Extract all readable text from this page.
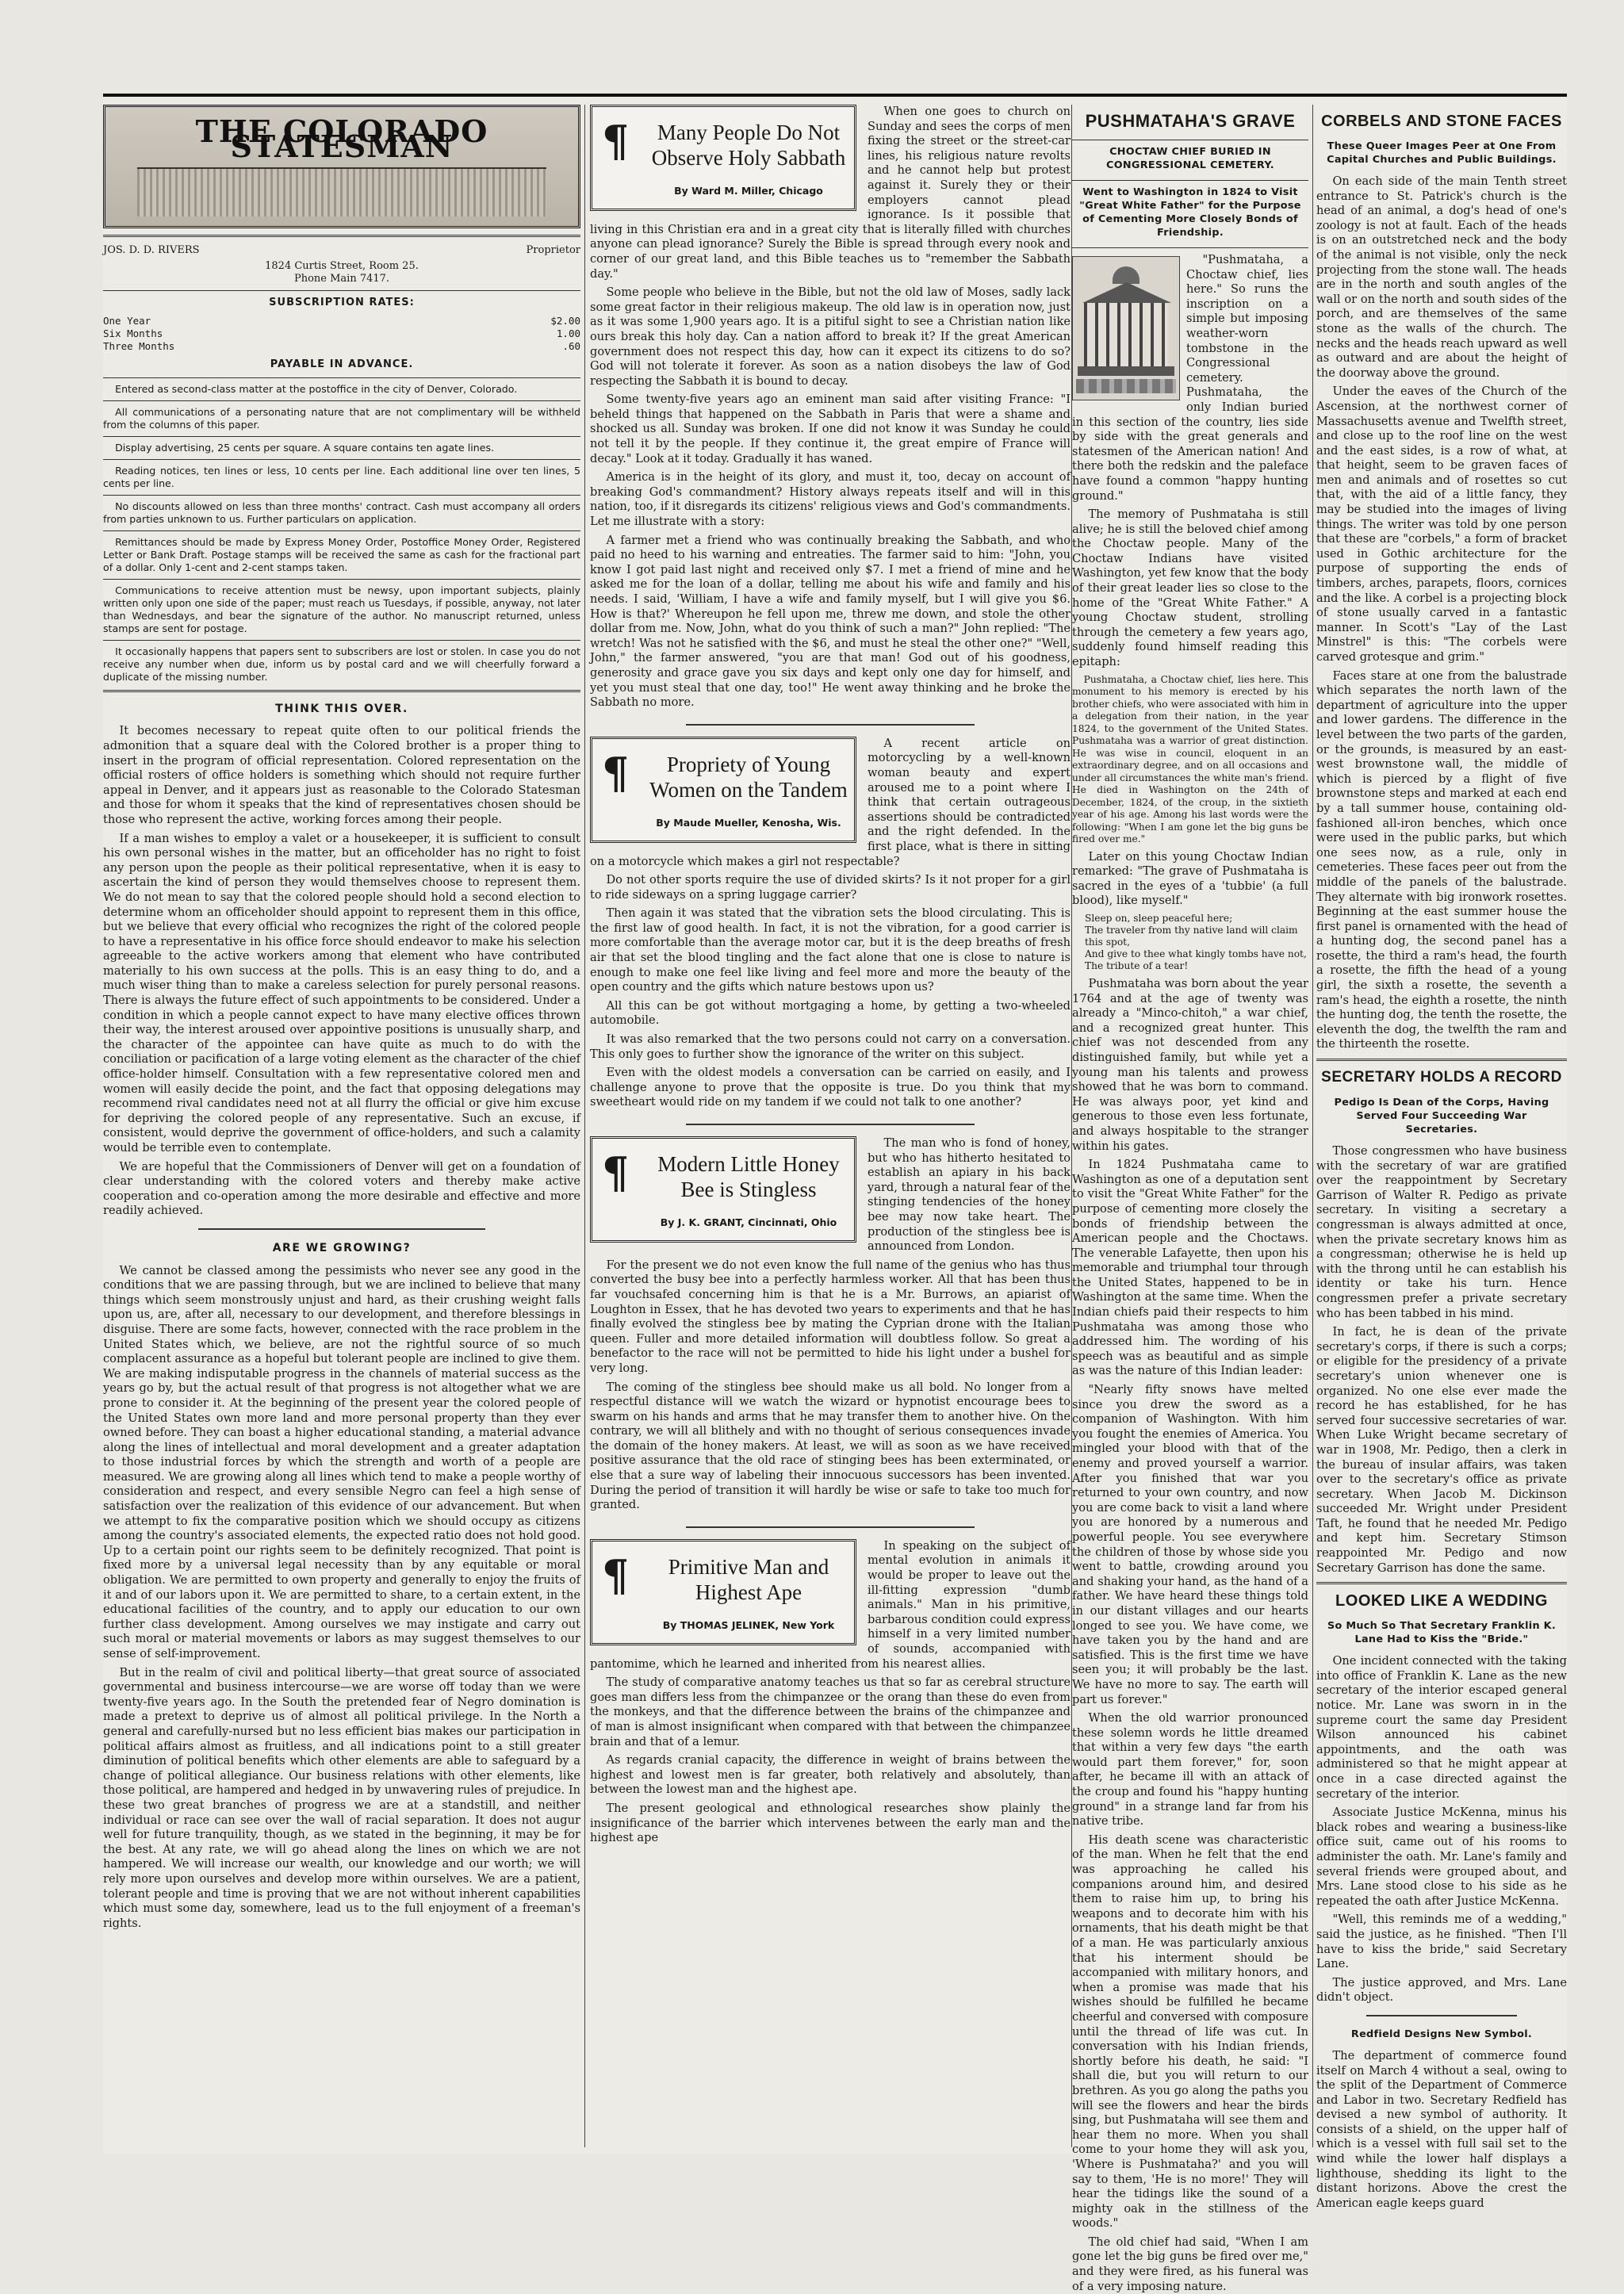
THE COLORADO STATESMAN
JOS. D. D. RIVERS	Proprietor
1824 Curtis Street, Room 25.
Phone Main 7417.
SUBSCRIPTION RATES:
One Year	$2.00
Six Months	1.00
Three Months	.60
PAYABLE IN ADVANCE.
Entered as second-class matter at the postoffice in the city of Denver, Colorado.
All communications of a personating nature that are not complimentary will be withheld from the columns of this paper.
Display advertising, 25 cents per square. A square contains ten agate lines.
Reading notices, ten lines or less, 10 cents per line. Each additional line over ten lines, 5 cents per line.
No discounts allowed on less than three months' contract. Cash must accompany all orders from parties unknown to us. Further particulars on application.
Remittances should be made by Express Money Order, Postoffice Money Order, Registered Letter or Bank Draft. Postage stamps will be received the same as cash for the fractional part of a dollar. Only 1-cent and 2-cent stamps taken.
Communications to receive attention must be newsy, upon important subjects, plainly written only upon one side of the paper; must reach us Tuesdays, if possible, anyway, not later than Wednesdays, and bear the signature of the author. No manuscript returned, unless stamps are sent for postage.
It occasionally happens that papers sent to subscribers are lost or stolen. In case you do not receive any number when due, inform us by postal card and we will cheerfully forward a duplicate of the missing number.
THINK THIS OVER.

It becomes necessary to repeat quite often to our political friends the admonition that a square deal with the Colored brother is a proper thing to insert in the program of official representation. Colored representation on the official rosters of office holders is something which should not require further appeal in Denver, and it appears just as reasonable to the Colorado Statesman and those for whom it speaks that the kind of representatives chosen should be those who represent the active, working forces among their people.

If a man wishes to employ a valet or a housekeeper, it is sufficient to consult his own personal wishes in the matter, but an officeholder has no right to foist any person upon the people as their political representative, when it is easy to ascertain the kind of person they would themselves choose to represent them. We do not mean to say that the colored people should hold a second election to determine whom an officeholder should appoint to represent them in this office, but we believe that every official who recognizes the right of the colored people to have a representative in his office force should endeavor to make his selection agreeable to the active workers among that element who have contributed materially to his own success at the polls. This is an easy thing to do, and a much wiser thing than to make a careless selection for purely personal reasons. There is always the future effect of such appointments to be considered. Under a condition in which a people cannot expect to have many elective offices thrown their way, the interest aroused over appointive positions is unusually sharp, and the character of the appointee can have quite as much to do with the conciliation or pacification of a large voting element as the character of the chief office-holder himself. Consultation with a few representative colored men and women will easily decide the point, and the fact that opposing delegations may recommend rival candidates need not at all flurry the official or give him excuse for depriving the colored people of any representative. Such an excuse, if consistent, would deprive the government of office-holders, and such a calamity would be terrible even to contemplate.

We are hopeful that the Commissioners of Denver will get on a foundation of clear understanding with the colored voters and thereby make active cooperation and co-operation among the more desirable and effective and more readily achieved.

ARE WE GROWING?

We cannot be classed among the pessimists who never see any good in the conditions that we are passing through, but we are inclined to believe that many things which seem monstrously unjust and hard, as their crushing weight falls upon us, are, after all, necessary to our development, and therefore blessings in disguise. There are some facts, however, connected with the race problem in the United States which, we believe, are not the rightful source of so much complacent assurance as a hopeful but tolerant people are inclined to give them. We are making indisputable progress in the channels of material success as the years go by, but the actual result of that progress is not altogether what we are prone to consider it. At the beginning of the present year the colored people of the United States own more land and more personal property than they ever owned before. They can boast a higher educational standing, a material advance along the lines of intellectual and moral development and a greater adaptation to those industrial forces by which the strength and worth of a people are measured. We are growing along all lines which tend to make a people worthy of consideration and respect, and every sensible Negro can feel a high sense of satisfaction over the realization of this evidence of our advancement. But when we attempt to fix the comparative position which we should occupy as citizens among the country's associated elements, the expected ratio does not hold good. Up to a certain point our rights seem to be definitely recognized. That point is fixed more by a universal legal necessity than by any equitable or moral obligation. We are permitted to own property and generally to enjoy the fruits of it and of our labors upon it. We are permitted to share, to a certain extent, in the educational facilities of the country, and to apply our education to our own further class development. Among ourselves we may instigate and carry out such moral or material movements or labors as may suggest themselves to our sense of self-improvement.

But in the realm of civil and political liberty—that great source of associated governmental and business intercourse—we are worse off today than we were twenty-five years ago. In the South the pretended fear of Negro domination is made a pretext to deprive us of almost all political privilege. In the North a general and carefully-nursed but no less efficient bias makes our participation in political affairs almost as fruitless, and all indications point to a still greater diminution of political benefits which other elements are able to safeguard by a change of political allegiance. Our business relations with other elements, like those political, are hampered and hedged in by unwavering rules of prejudice. In these two great branches of progress we are at a standstill, and neither individual or race can see over the wall of racial separation. It does not augur well for future tranquility, though, as we stated in the beginning, it may be for the best. At any rate, we will go ahead along the lines on which we are not hampered. We will increase our wealth, our knowledge and our worth; we will rely more upon ourselves and develop more within ourselves. We are a patient, tolerant people and time is proving that we are not without inherent capabilities which must some day, somewhere, lead us to the full enjoyment of a freeman's rights.

¶	Many People Do Not Observe Holy Sabbath
By Ward M. Miller, Chicago

When one goes to church on Sunday and sees the corps of men fixing the street or the street-car lines, his religious nature revolts and he cannot help but protest against it. Surely they or their employers cannot plead ignorance. Is it possible that living in this Christian era and in a great city that is literally filled with churches anyone can plead ignorance? Surely the Bible is spread through every nook and corner of our great land, and this Bible teaches us to "remember the Sabbath day."

Some people who believe in the Bible, but not the old law of Moses, sadly lack some great factor in their religious makeup. The old law is in operation now, just as it was some 1,900 years ago. It is a pitiful sight to see a Christian nation like ours break this holy day. Can a nation afford to break it? If the great American government does not respect this day, how can it expect its citizens to do so? God will not tolerate it forever. As soon as a nation disobeys the law of God respecting the Sabbath it is bound to decay.

Some twenty-five years ago an eminent man said after visiting France: "I beheld things that happened on the Sabbath in Paris that were a shame and shocked us all. Sunday was broken. If one did not know it was Sunday he could not tell it by the people. If they continue it, the great empire of France will decay." Look at it today. Gradually it has waned.

America is in the height of its glory, and must it, too, decay on account of breaking God's commandment? History always repeats itself and will in this nation, too, if it disregards its citizens' religious views and God's commandments. Let me illustrate with a story:

A farmer met a friend who was continually breaking the Sabbath, and who paid no heed to his warning and entreaties. The farmer said to him: "John, you know I got paid last night and received only $7. I met a friend of mine and he asked me for the loan of a dollar, telling me about his wife and family and his needs. I said, 'William, I have a wife and family myself, but I will give you $6. How is that?' Whereupon he fell upon me, threw me down, and stole the other dollar from me. Now, John, what do you think of such a man?" John replied: "The wretch! Was not he satisfied with the $6, and must he steal the other one?" "Well, John," the farmer answered, "you are that man! God out of his goodness, generosity and grace gave you six days and kept only one day for himself, and yet you must steal that one day, too!" He went away thinking and he broke the Sabbath no more.

¶	Propriety of Young Women on the Tandem
By Maude Mueller, Kenosha, Wis.

A recent article on motorcycling by a well-known woman beauty and expert aroused me to a point where I think that certain outrageous assertions should be contradicted and the right defended. In the first place, what is there in sitting on a motorcycle which makes a girl not respectable?

Do not other sports require the use of divided skirts? Is it not proper for a girl to ride sideways on a spring luggage carrier?

Then again it was stated that the vibration sets the blood circulating. This is the first law of good health. In fact, it is not the vibration, for a good carrier is more comfortable than the average motor car, but it is the deep breaths of fresh air that set the blood tingling and the fact alone that one is close to nature is enough to make one feel like living and feel more and more the beauty of the open country and the gifts which nature bestows upon us?

All this can be got without mortgaging a home, by getting a two-wheeled automobile.

It was also remarked that the two persons could not carry on a conversation. This only goes to further show the ignorance of the writer on this subject.

Even with the oldest models a conversation can be carried on easily, and I challenge anyone to prove that the opposite is true. Do you think that my sweetheart would ride on my tandem if we could not talk to one another?

¶	Modern Little Honey Bee is Stingless
By J. K. GRANT, Cincinnati, Ohio

The man who is fond of honey, but who has hitherto hesitated to establish an apiary in his back yard, through a natural fear of the stinging tendencies of the honey bee may now take heart. The production of the stingless bee is announced from London.

For the present we do not even know the full name of the genius who has thus converted the busy bee into a perfectly harmless worker. All that has been thus far vouchsafed concerning him is that he is a Mr. Burrows, an apiarist of Loughton in Essex, that he has devoted two years to experiments and that he has finally evolved the stingless bee by mating the Cyprian drone with the Italian queen. Fuller and more detailed information will doubtless follow. So great a benefactor to the race will not be permitted to hide his light under a bushel for very long.

The coming of the stingless bee should make us all bold. No longer from a respectful distance will we watch the wizard or hypnotist encourage bees to swarm on his hands and arms that he may transfer them to another hive. On the contrary, we will all blithely and with no thought of serious consequences invade the domain of the honey makers. At least, we will as soon as we have received positive assurance that the old race of stinging bees has been exterminated, or else that a sure way of labeling their innocuous successors has been invented. During the period of transition it will hardly be wise or safe to take too much for granted.

¶	Primitive Man and Highest Ape
By THOMAS JELINEK, New York

In speaking on the subject of mental evolution in animals it would be proper to leave out the ill-fitting expression "dumb animals." Man in his primitive, barbarous condition could express himself in a very limited number of sounds, accompanied with pantomime, which he learned and inherited from his nearest allies.

The study of comparative anatomy teaches us that so far as cerebral structure goes man differs less from the chimpanzee or the orang than these do even from the monkeys, and that the difference between the brains of the chimpanzee and of man is almost insignificant when compared with that between the chimpanzee brain and that of a lemur.

As regards cranial capacity, the difference in weight of brains between the highest and lowest men is far greater, both relatively and absolutely, than between the lowest man and the highest ape.

The present geological and ethnological researches show plainly the insignificance of the barrier which intervenes between the early man and the highest ape

PUSHMATAHA'S GRAVE
CHOCTAW CHIEF BURIED IN CONGRESSIONAL CEMETERY.
Went to Washington in 1824 to Visit "Great White Father" for the Purpose of Cementing More Closely Bonds of Friendship.

"Pushmataha, a Choctaw chief, lies here." So runs the inscription on a simple but imposing weather-worn tombstone in the Congressional cemetery. Pushmataha, the only Indian buried in this section of the country, lies side by side with the great generals and statesmen of the American nation! And there both the redskin and the paleface have found a common "happy hunting ground."

The memory of Pushmataha is still alive; he is still the beloved chief among the Choctaw people. Many of the Choctaw Indians have visited Washington, yet few know that the body of their great leader lies so close to the home of the "Great White Father." A young Choctaw student, strolling through the cemetery a few years ago, suddenly found himself reading this epitaph:

Pushmataha, a Choctaw chief, lies here. This monument to his memory is erected by his brother chiefs, who were associated with him in a delegation from their nation, in the year 1824, to the government of the United States. Pushmataha was a warrior of great distinction. He was wise in council, eloquent in an extraordinary degree, and on all occasions and under all circumstances the white man's friend. He died in Washington on the 24th of December, 1824, of the croup, in the sixtieth year of his age. Among his last words were the following: "When I am gone let the big guns be fired over me."

Later on this young Choctaw Indian remarked: "The grave of Pushmataha is sacred in the eyes of a 'tubbie' (a full blood), like myself."

Sleep on, sleep peaceful here;
The traveler from thy native land will claim this spot,
And give to thee what kingly tombs have not,
The tribute of a tear!

Pushmataha was born about the year 1764 and at the age of twenty was already a "Minco-chitoh," a war chief, and a recognized great hunter. This chief was not descended from any distinguished family, but while yet a young man his talents and prowess showed that he was born to command. He was always poor, yet kind and generous to those even less fortunate, and always hospitable to the stranger within his gates.

In 1824 Pushmataha came to Washington as one of a deputation sent to visit the "Great White Father" for the purpose of cementing more closely the bonds of friendship between the American people and the Choctaws. The venerable Lafayette, then upon his memorable and triumphal tour through the United States, happened to be in Washington at the same time. When the Indian chiefs paid their respects to him Pushmataha was among those who addressed him. The wording of his speech was as beautiful and as simple as was the nature of this Indian leader:

"Nearly fifty snows have melted since you drew the sword as a companion of Washington. With him you fought the enemies of America. You mingled your blood with that of the enemy and proved yourself a warrior. After you finished that war you returned to your own country, and now you are come back to visit a land where you are honored by a numerous and powerful people. You see everywhere the children of those by whose side you went to battle, crowding around you and shaking your hand, as the hand of a father. We have heard these things told in our distant villages and our hearts longed to see you. We have come, we have taken you by the hand and are satisfied. This is the first time we have seen you; it will probably be the last. We have no more to say. The earth will part us forever."

When the old warrior pronounced these solemn words he little dreamed that within a very few days "the earth would part them forever," for, soon after, he became ill with an attack of the croup and found his "happy hunting ground" in a strange land far from his native tribe.

His death scene was characteristic of the man. When he felt that the end was approaching he called his companions around him, and desired them to raise him up, to bring his weapons and to decorate him with his ornaments, that his death might be that of a man. He was particularly anxious that his interment should be accompanied with military honors, and when a promise was made that his wishes should be fulfilled he became cheerful and conversed with composure until the thread of life was cut. In conversation with his Indian friends, shortly before his death, he said: "I shall die, but you will return to our brethren. As you go along the paths you will see the flowers and hear the birds sing, but Pushmataha will see them and hear them no more. When you shall come to your home they will ask you, 'Where is Pushmataha?' and you will say to them, 'He is no more!' They will hear the tidings like the sound of a mighty oak in the stillness of the woods."

The old chief had said, "When I am gone let the big guns be fired over me," and they were fired, as his funeral was of a very imposing nature.

CORBELS AND STONE FACES
These Queer Images Peer at One From Capital Churches and Public Buildings.

On each side of the main Tenth street entrance to St. Patrick's church is the head of an animal, a dog's head of one's zoology is not at fault. Each of the heads is on an outstretched neck and the body of the animal is not visible, only the neck projecting from the stone wall. The heads are in the north and south angles of the wall or on the north and south sides of the porch, and are themselves of the same stone as the walls of the church. The necks and the heads reach upward as well as outward and are about the height of the doorway above the ground.

Under the eaves of the Church of the Ascension, at the northwest corner of Massachusetts avenue and Twelfth street, and close up to the roof line on the west and the east sides, is a row of what, at that height, seem to be graven faces of men and animals and of rosettes so cut that, with the aid of a little fancy, they may be studied into the images of living things. The writer was told by one person that these are "corbels," a form of bracket used in Gothic architecture for the purpose of supporting the ends of timbers, arches, parapets, floors, cornices and the like. A corbel is a projecting block of stone usually carved in a fantastic manner. In Scott's "Lay of the Last Minstrel" is this: "The corbels were carved grotesque and grim."

Faces stare at one from the balustrade which separates the north lawn of the department of agriculture into the upper and lower gardens. The difference in the level between the two parts of the garden, or the grounds, is measured by an east-west brownstone wall, the middle of which is pierced by a flight of five brownstone steps and marked at each end by a tall summer house, containing old-fashioned all-iron benches, which once were used in the public parks, but which one sees now, as a rule, only in cemeteries. These faces peer out from the middle of the panels of the balustrade. They alternate with big ironwork rosettes. Beginning at the east summer house the first panel is ornamented with the head of a hunting dog, the second panel has a rosette, the third a ram's head, the fourth a rosette, the fifth the head of a young girl, the sixth a rosette, the seventh a ram's head, the eighth a rosette, the ninth the hunting dog, the tenth the rosette, the eleventh the dog, the twelfth the ram and the thirteenth the rosette.

SECRETARY HOLDS A RECORD
Pedigo Is Dean of the Corps, Having Served Four Succeeding War Secretaries.

Those congressmen who have business with the secretary of war are gratified over the reappointment by Secretary Garrison of Walter R. Pedigo as private secretary. In visiting a secretary a congressman is always admitted at once, when the private secretary knows him as a congressman; otherwise he is held up with the throng until he can establish his identity or take his turn. Hence congressmen prefer a private secretary who has been tabbed in his mind.

In fact, he is dean of the private secretary's corps, if there is such a corps; or eligible for the presidency of a private secretary's union whenever one is organized. No one else ever made the record he has established, for he has served four successive secretaries of war. When Luke Wright became secretary of war in 1908, Mr. Pedigo, then a clerk in the bureau of insular affairs, was taken over to the secretary's office as private secretary. When Jacob M. Dickinson succeeded Mr. Wright under President Taft, he found that he needed Mr. Pedigo and kept him. Secretary Stimson reappointed Mr. Pedigo and now Secretary Garrison has done the same.

LOOKED LIKE A WEDDING
So Much So That Secretary Franklin K. Lane Had to Kiss the "Bride."

One incident connected with the taking into office of Franklin K. Lane as the new secretary of the interior escaped general notice. Mr. Lane was sworn in in the supreme court the same day President Wilson announced his cabinet appointments, and the oath was administered so that he might appear at once in a case directed against the secretary of the interior.

Associate Justice McKenna, minus his black robes and wearing a business-like office suit, came out of his rooms to administer the oath. Mr. Lane's family and several friends were grouped about, and Mrs. Lane stood close to his side as he repeated the oath after Justice McKenna.

"Well, this reminds me of a wedding," said the justice, as he finished. "Then I'll have to kiss the bride," said Secretary Lane.

The justice approved, and Mrs. Lane didn't object.

Redfield Designs New Symbol.

The department of commerce found itself on March 4 without a seal, owing to the split of the Department of Commerce and Labor in two. Secretary Redfield has devised a new symbol of authority. It consists of a shield, on the upper half of which is a vessel with full sail set to the wind while the lower half displays a lighthouse, shedding its light to the distant horizons. Above the crest the American eagle keeps guard
